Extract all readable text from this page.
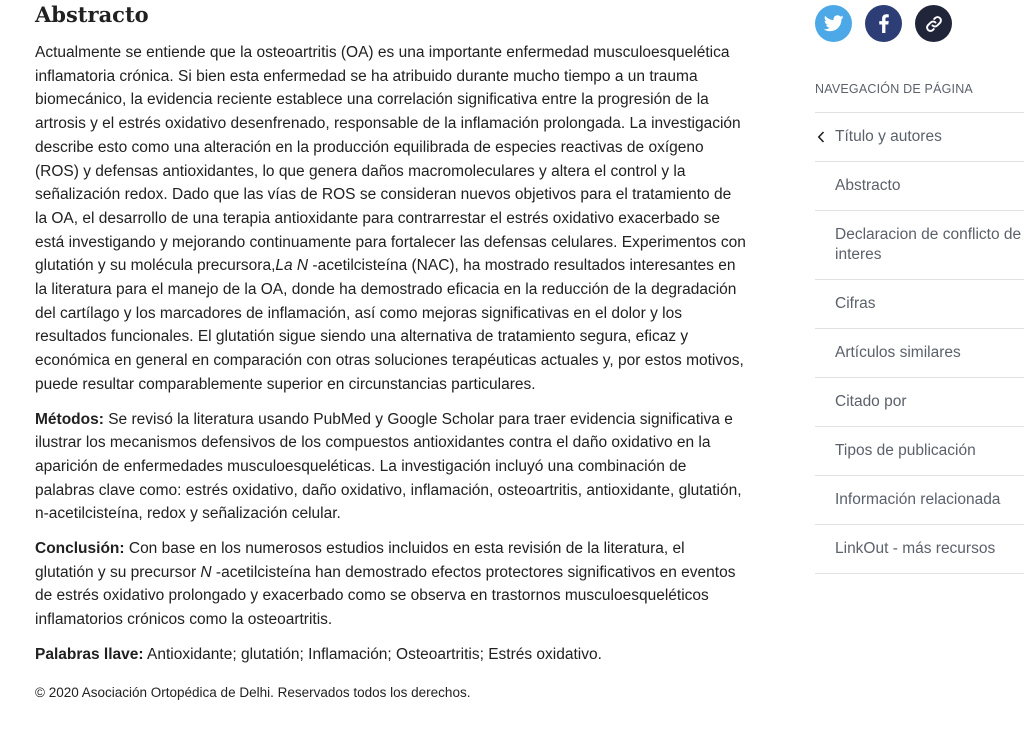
Abstracto

Actualmente se entiende que la osteoartritis (OA) es una importante enfermedad musculoesquelética inflamatoria crónica. Si bien esta enfermedad se ha atribuido durante mucho tiempo a un trauma biomecánico, la evidencia reciente establece una correlación significativa entre la progresión de la artrosis y el estrés oxidativo desenfrenado, responsable de la inflamación prolongada. La investigación describe esto como una alteración en la producción equilibrada de especies reactivas de oxígeno (ROS) y defensas antioxidantes, lo que genera daños macromoleculares y altera el control y la señalización redox. Dado que las vías de ROS se consideran nuevos objetivos para el tratamiento de la OA, el desarrollo de una terapia antioxidante para contrarrestar el estrés oxidativo exacerbado se está investigando y mejorando continuamente para fortalecer las defensas celulares. Experimentos con glutatión y su molécula precursora,La N -acetilcisteína (NAC), ha mostrado resultados interesantes en la literatura para el manejo de la OA, donde ha demostrado eficacia en la reducción de la degradación del cartílago y los marcadores de inflamación, así como mejoras significativas en el dolor y los resultados funcionales. El glutatión sigue siendo una alternativa de tratamiento segura, eficaz y económica en general en comparación con otras soluciones terapéuticas actuales y, por estos motivos, puede resultar comparablemente superior en circunstancias particulares.

Métodos: Se revisó la literatura usando PubMed y Google Scholar para traer evidencia significativa e ilustrar los mecanismos defensivos de los compuestos antioxidantes contra el daño oxidativo en la aparición de enfermedades musculoesqueléticas. La investigación incluyó una combinación de palabras clave como: estrés oxidativo, daño oxidativo, inflamación, osteoartritis, antioxidante, glutatión, n-acetilcisteína, redox y señalización celular.

Conclusión: Con base en los numerosos estudios incluidos en esta revisión de la literatura, el glutatión y su precursor N -acetilcisteína han demostrado efectos protectores significativos en eventos de estrés oxidativo prolongado y exacerbado como se observa en trastornos musculoesqueléticos inflamatorios crónicos como la osteoartritis.

Palabras llave: Antioxidante; glutatión; Inflamación; Osteoartritis; Estrés oxidativo.

© 2020 Asociación Ortopédica de Delhi. Reservados todos los derechos.

NAVEGACIÓN DE PÁGINA
Título y autores
Abstracto
Declaracion de conflicto de interes
Cifras
Artículos similares
Citado por
Tipos de publicación
Información relacionada
LinkOut - más recursos
